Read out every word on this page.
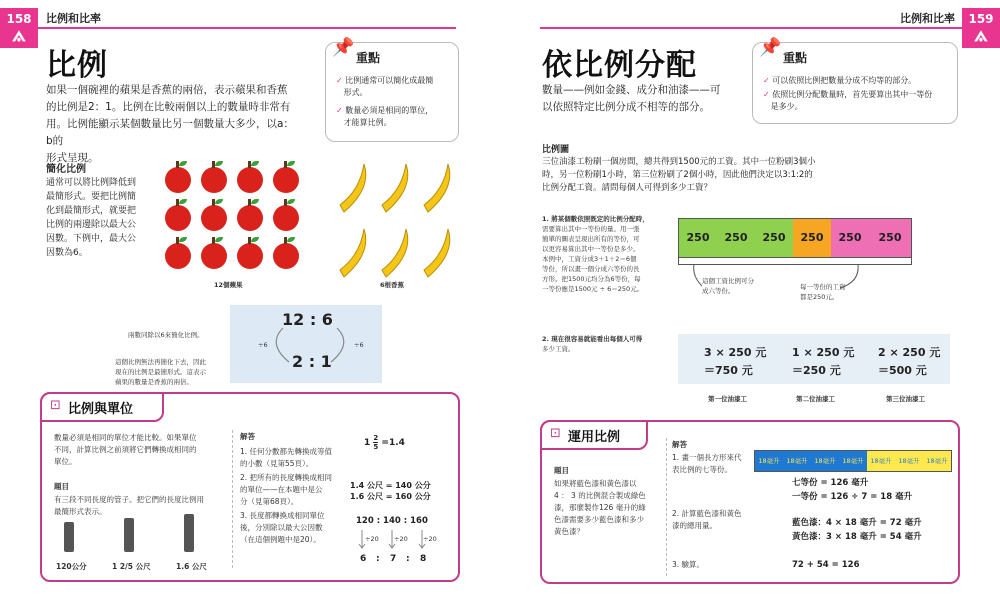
158
⟑
比例和比率
比例
如果一個碗裡的蘋果是香蕉的兩倍，表示蘋果和香蕉
的比例是2：1。比例在比較兩個以上的數量時非常有
用。比例能顯示某個數量比另一個數量大多少，以a：b的
形式呈現。
📌 重點
✓ 比例通常可以簡化成最簡
形式。
✓ 數量必須是相同的單位，
才能算比例。
簡化比例
通常可以將比例降低到
最簡形式。要把比例簡
化到最簡形式，就要把
比例的兩邊除以最大公
因數。下例中，最大公
因數為6。
12個蘋果	6根香蕉
12 : 6
2 : 1
÷6	÷6
兩數同除以6來簡化比例。
這個比例無法再簡化下去，因此
現在的比例是最簡形式。這表示
蘋果的數量是香蕉的兩倍。
⊡ 比例與單位
數量必須是相同的單位才能比較。如果單位
不同，計算比例之前須將它們轉換成相同的
單位。
題目
有三段不同長度的管子。把它們的長度比例用
最簡形式表示。
120公分	1 2/5 公尺	1.6 公尺
解答
1. 任何分數都先轉換成等值
的小數（見第55頁）。
2. 把所有的長度轉換成相同
的單位——在本題中是公
分（見第68頁）。
3. 長度都轉換成相同單位
後，分別除以最大公因數
（在這個例題中是20）。
$1 \frac{2}{5} =1.4$
1.4 公尺 = 140 公分
1.6 公尺 = 160 公分
120 : 140 : 160
÷20 ÷20 ÷20
6 : 7 : 8
159
⟑
比例和比率
依比例分配
數量——例如金錢、成分和油漆——可
以依照特定比例分成不相等的部分。
📌 重點
✓ 可以依照比例把數量分成不均等的部分。
✓ 依照比例分配數量時，首先要算出其中一等份
是多少。
比例圖
三位油漆工粉刷一個房間，總共得到1500元的工資。其中一位粉刷3個小
時，另一位粉刷1小時，第三位粉刷了2個小時，因此他們決定以3:1:2的
比例分配工資。請問每個人可得到多少工資？
1. 將某個數依照既定的比例分配時，
需要算出其中一等份的量。用一張
簡單的圖表呈現出所有的等份，可
以更容易算出其中一等份是多少。
本例中，工資分成3＋1＋2＝6個
等份，所以畫一個分成六等份的長
方形。把1500元均分為6等份，每
一等份應是1500元 ÷ 6＝250元。
250	250	250	250	250	250
這個工資比例可分
成六等份。	每一等份的工資
都是250元。
2. 現在很容易就能看出每個人可得
多少工資。	3 × 250 元
＝750 元
1 × 250 元
＝250 元
2 × 250 元
＝500 元
第一位油漆工	第二位油漆工	第三位油漆工
⊡ 運用比例
題目
如果將藍色漆和黃色漆以
4 ： 3 的比例混合製成綠色
漆，那麼製作126 毫升的綠
色漆需要多少藍色漆和多少
黃色漆？
解答
1. 畫一個長方形來代
表比例的七等份。
2. 計算藍色漆和黃色
漆的總用量。
3. 驗算。
18毫升	18毫升	18毫升	18毫升	18毫升	18毫升	18毫升
七等份 = 126 毫升
一等份 = 126 ÷ 7 = 18 毫升
藍色漆：4 × 18 毫升 = 72 毫升
黃色漆：3 × 18 毫升 = 54 毫升
72 + 54 = 126
